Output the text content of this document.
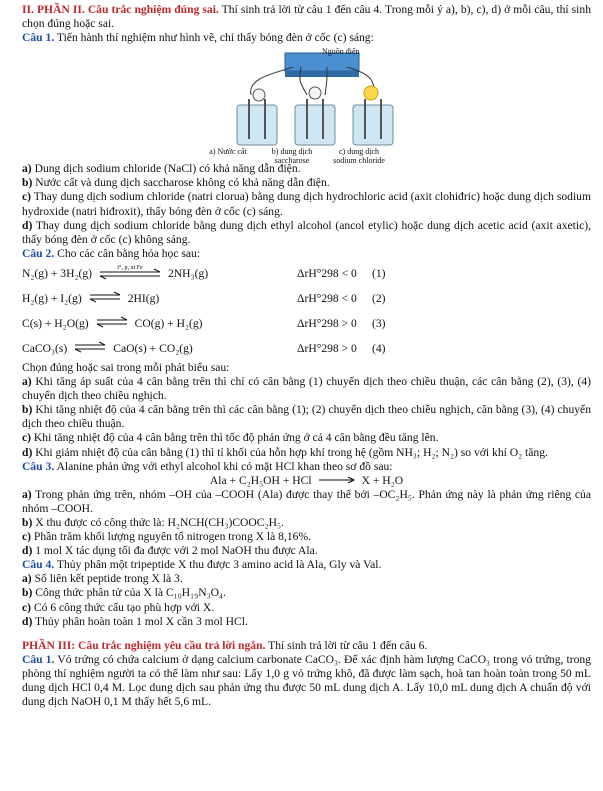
II. PHẦN II. Câu trắc nghiệm đúng sai. Thí sinh trả lời từ câu 1 đến câu 4. Trong mỗi ý a), b), c), d) ở mỗi câu, thí sinh chọn đúng hoặc sai.

Câu 1. Tiến hành thí nghiệm như hình vẽ, chỉ thấy bóng đèn ở cốc (c) sáng:

Nguồn điện
a) Nước cất	b) dung dịch
saccharose
c) dung dịch
sodium chloride

a) Dung dịch sodium chloride (NaCl) có khả năng dẫn điện.

b) Nước cất và dung dịch saccharose không có khả năng dẫn điện.

c) Thay dung dịch sodium chloride (natri clorua) bằng dung dịch hydrochloric acid (axit clohiđric) hoặc dung dịch sodium hydroxide (natri hiđroxit), thấy bóng đèn ở cốc (c) sáng.

d) Thay dung dịch sodium chloride bằng dung dịch ethyl alcohol (ancol etylic) hoặc dung dịch acetic acid (axit axetic), thấy bóng đèn ở cốc (c) không sáng.

Câu 2. Cho các cân bằng hóa học sau:

N₂(g) + 3H₂(g)	t°, p, xt Fe 2NH₃(g)	ΔrH°298 < 0	(1)
H₂(g) + I₂(g)	2HI(g)	ΔrH°298 < 0	(2)
C(s) + H₂O(g)	CO(g) + H₂(g)	ΔrH°298 > 0	(3)
CaCO₃(s)	CaO(s) + CO₂(g)	ΔrH°298 > 0	(4)

Chọn đúng hoặc sai trong mỗi phát biểu sau:

a) Khi tăng áp suất của 4 cân bằng trên thì chỉ có cân bằng (1) chuyển dịch theo chiều thuận, các cân bằng (2), (3), (4) chuyển dịch theo chiều nghịch.

b) Khi tăng nhiệt độ của 4 cân bằng trên thì các cân bằng (1); (2) chuyển dịch theo chiều nghịch, cân bằng (3), (4) chuyển dịch theo chiều thuận.

c) Khi tăng nhiệt độ của 4 cân bằng trên thì tốc độ phản ứng ở cả 4 cân bằng đều tăng lên.

d) Khi giảm nhiệt độ của cân bằng (1) thì tỉ khối của hỗn hợp khí trong hệ (gồm NH₃; H₂; N₂) so với khí O₂ tăng.

Câu 3. Alanine phản ứng với ethyl alcohol khi có mặt HCl khan theo sơ đồ sau:

Ala + C₂H₅OH + HCl	X + H₂O

a) Trong phản ứng trên, nhóm –OH của –COOH (Ala) được thay thế bởi –OC₂H₅. Phản ứng này là phản ứng riêng của nhóm –COOH.

b) X thu được có công thức là: H₂NCH(CH₃)COOC₂H₅.

c) Phần trăm khối lượng nguyên tố nitrogen trong X là 8,16%.

d) 1 mol X tác dụng tối đa được với 2 mol NaOH thu được Ala.

Câu 4. Thủy phân một tripeptide X thu được 3 amino acid là Ala, Gly và Val.

a) Số liên kết peptide trong X là 3.

b) Công thức phân tử của X là C₁₀H₁₉N₃O₄.

c) Có 6 công thức cấu tạo phù hợp với X.

d) Thủy phân hoàn toàn 1 mol X cần 3 mol HCl.

PHẦN III: Câu trắc nghiệm yêu cầu trả lời ngắn. Thí sinh trả lời từ câu 1 đến câu 6.

Câu 1. Vỏ trứng có chứa calcium ở dạng calcium carbonate CaCO₃. Để xác định hàm lượng CaCO₃ trong vỏ trứng, trong phòng thí nghiệm người ta có thể làm như sau: Lấy 1,0 g vỏ trứng khô, đã được làm sạch, hoà tan hoàn toàn trong 50 mL dung dịch HCl 0,4 M. Lọc dung dịch sau phản ứng thu được 50 mL dung dịch A. Lấy 10,0 mL dung dịch A chuẩn độ với dung dịch NaOH 0,1 M thấy hết 5,6 mL.
